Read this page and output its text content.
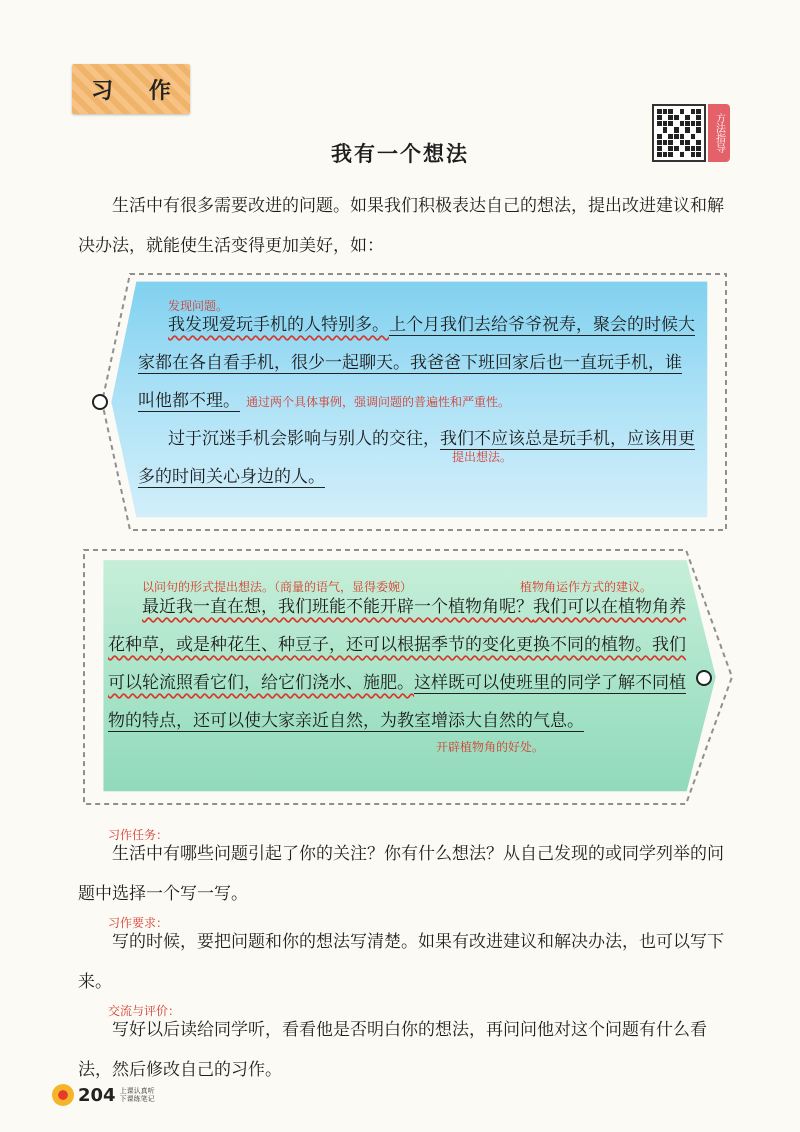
习 作
方法指导
我有一个想法
生活中有很多需要改进的问题。如果我们积极表达自己的想法，提出改进建议和解决办法，就能使生活变得更加美好，如：
发现问题。
我发现爱玩手机的人特别多。上个月我们去给爷爷祝寿，聚会的时候大家都在各自看手机，很少一起聊天。我爸爸下班回家后也一直玩手机，谁叫他都不理。 通过两个具体事例，强调问题的普遍性和严重性。
过于沉迷手机会影响与别人的交往，我们不应该总是玩手机，应该用更多的时间关心身边的人。
提出想法。
以问句的形式提出想法。（商量的语气，显得委婉）	植物角运作方式的建议。
最近我一直在想，我们班能不能开辟一个植物角呢？我们可以在植物角养花种草，或是种花生、种豆子，还可以根据季节的变化更换不同的植物。我们可以轮流照看它们，给它们浇水、施肥。这样既可以使班里的同学了解不同植物的特点，还可以使大家亲近自然，为教室增添大自然的气息。
开辟植物角的好处。
习作任务：
生活中有哪些问题引起了你的关注？你有什么想法？从自己发现的或同学列举的问题中选择一个写一写。
习作要求：
写的时候，要把问题和你的想法写清楚。如果有改进建议和解决办法，也可以写下来。
交流与评价：
写好以后读给同学听，看看他是否明白你的想法，再问问他对这个问题有什么看法，然后修改自己的习作。
204 上课认真听
下课练笔记
